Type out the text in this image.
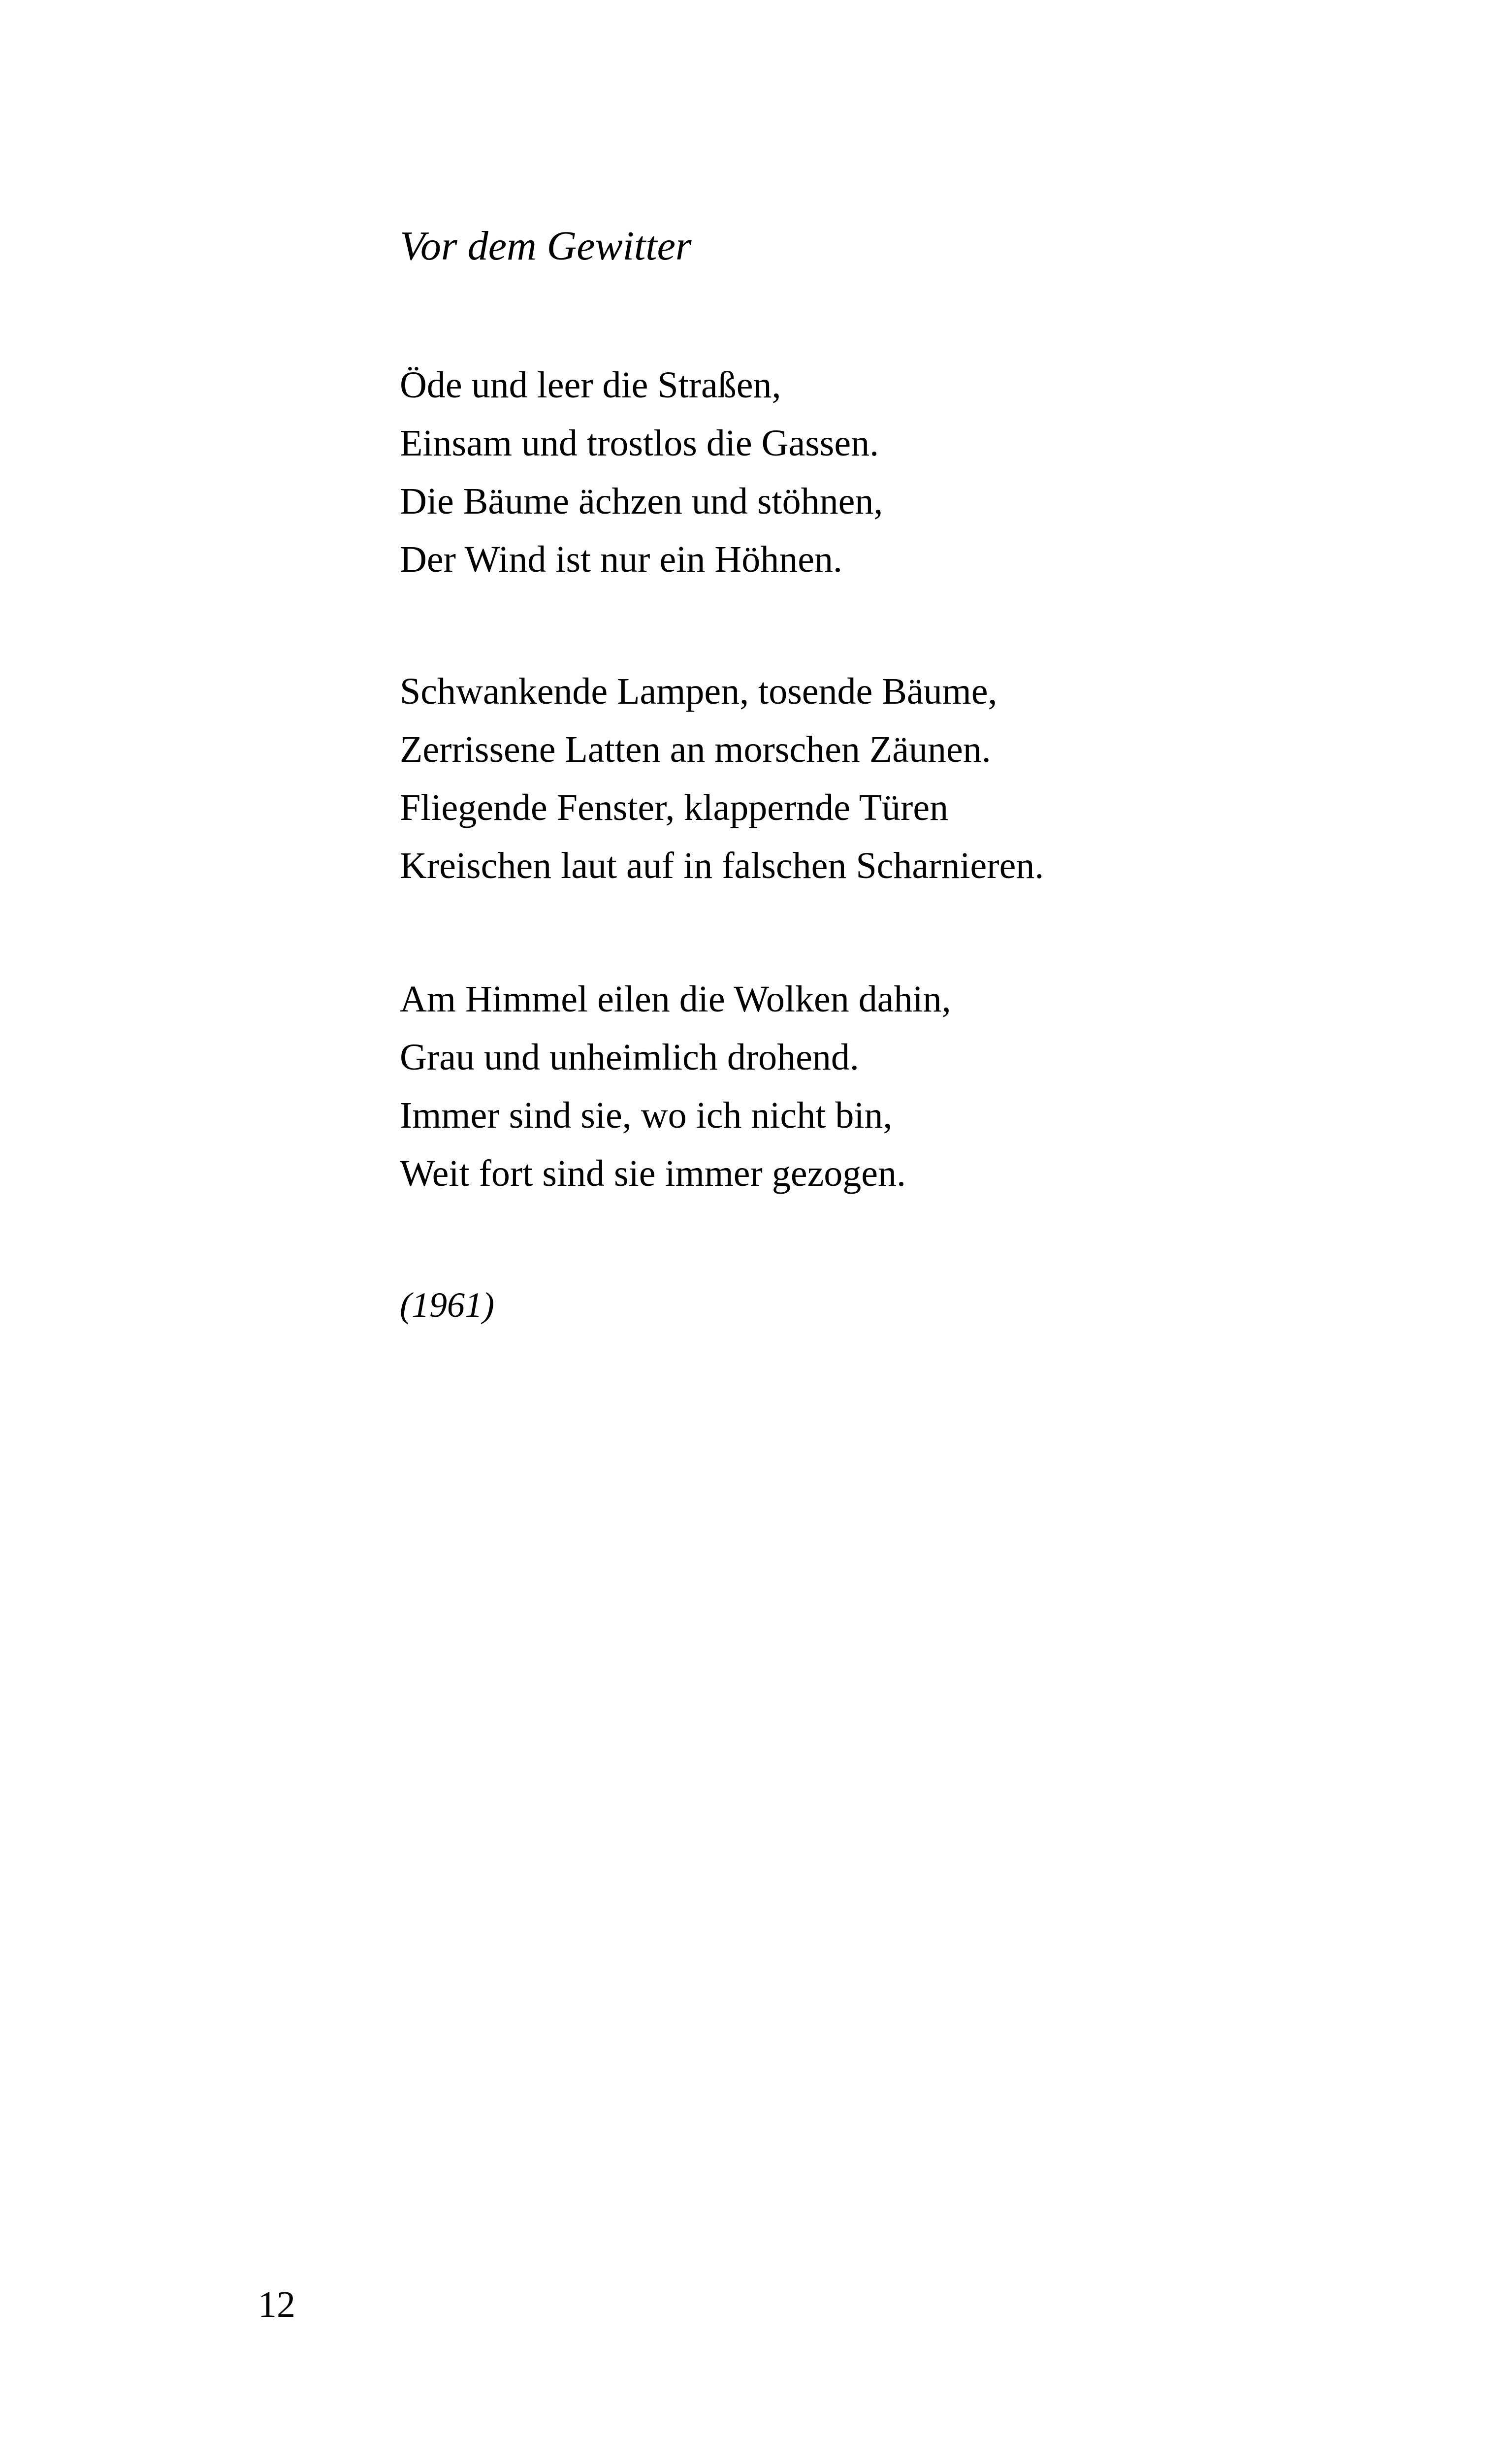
Vor dem Gewitter
Öde und leer die Straßen,
Einsam und trostlos die Gassen.
Die Bäume ächzen und stöhnen,
Der Wind ist nur ein Höhnen.
Schwankende Lampen, tosende Bäume,
Zerrissene Latten an morschen Zäunen.
Fliegende Fenster, klappernde Türen
Kreischen laut auf in falschen Scharnieren.
Am Himmel eilen die Wolken dahin,
Grau und unheimlich drohend.
Immer sind sie, wo ich nicht bin,
Weit fort sind sie immer gezogen.
(1961)
12
